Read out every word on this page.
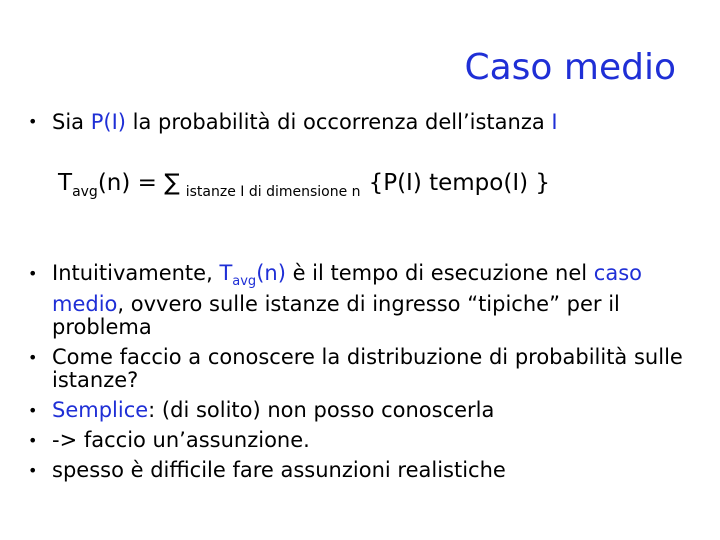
Caso medio
• Sia P(I) la probabilità di occorrenza dell’istanza I
$T_{avg}(n)$ = ∑ $_{istanze I di dimensione n}$ {P(I) tempo(I) }
• Intuitivamente, $T_{avg}(n)$ è il tempo di esecuzione nel caso medio, ovvero sulle istanze di ingresso “tipiche” per il problema
• Come faccio a conoscere la distribuzione di probabilità sulle istanze?
• Semplice: (di solito) non posso conoscerla
• -> faccio un’assunzione.
• spesso è difficile fare assunzioni realistiche
